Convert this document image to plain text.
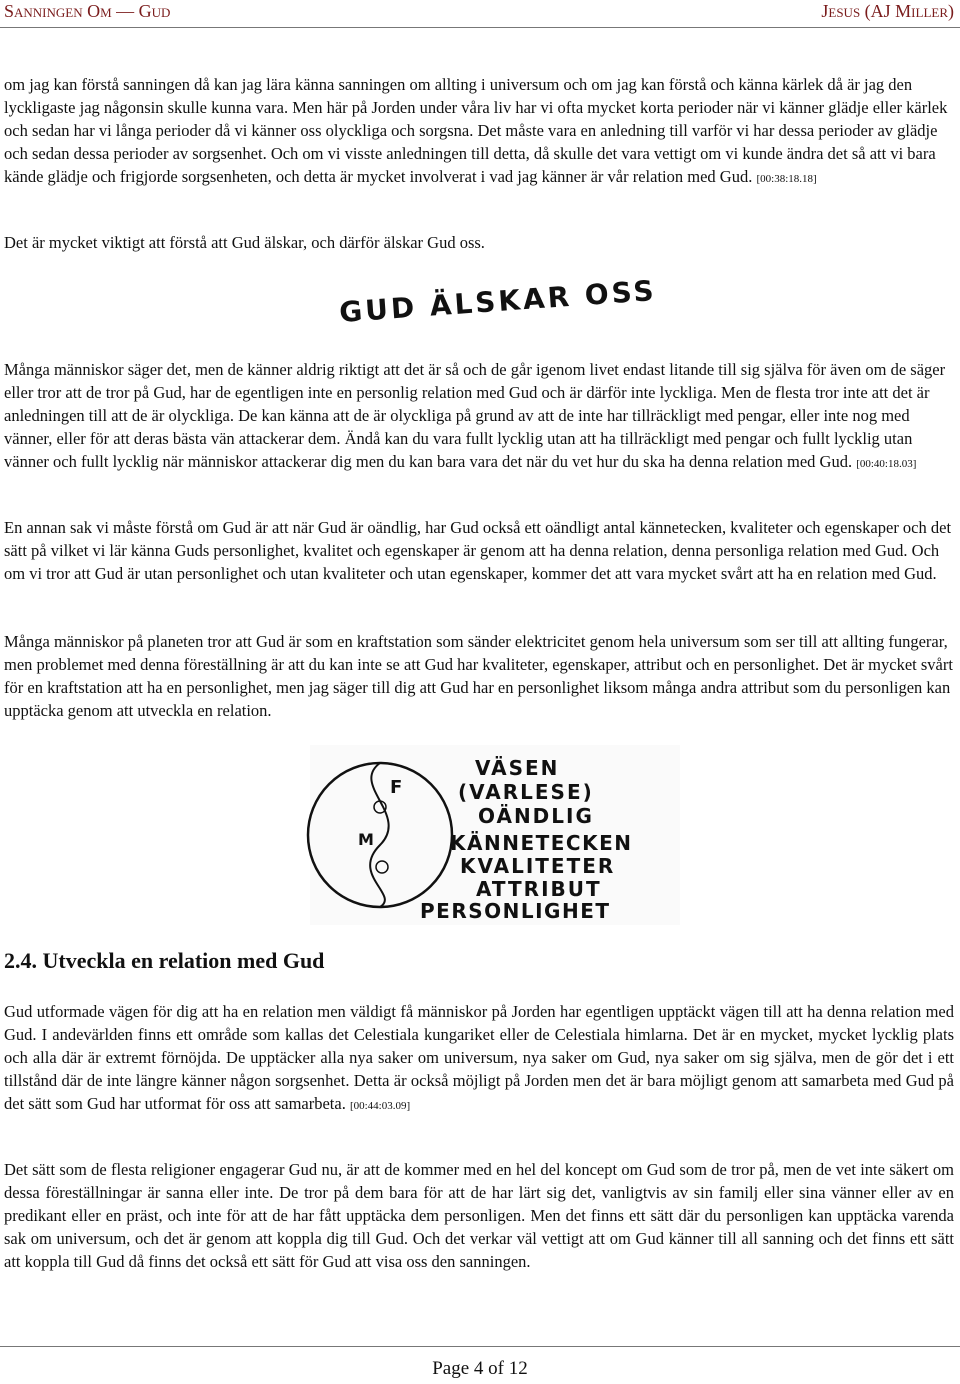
Sanningen Om — Gud	Jesus (AJ Miller)

om jag kan förstå sanningen då kan jag lära känna sanningen om allting i universum och om jag kan förstå och känna kärlek då är jag den lyckligaste jag någonsin skulle kunna vara. Men här på Jorden under våra liv har vi ofta mycket korta perioder när vi känner glädje eller kärlek och sedan har vi långa perioder då vi känner oss olyckliga och sorgsna. Det måste vara en anledning till varför vi har dessa perioder av glädje och sedan dessa perioder av sorgsenhet. Och om vi visste anledningen till detta, då skulle det vara vettigt om vi kunde ändra det så att vi bara kände glädje och frigjorde sorgsenheten, och detta är mycket involverat i vad jag känner är vår relation med Gud. [00:38:18.18]

Det är mycket viktigt att förstå att Gud älskar, och därför älskar Gud oss.

GUD ÄLSKAR OSS

Många människor säger det, men de känner aldrig riktigt att det är så och de går igenom livet endast litande till sig själva för även om de säger eller tror att de tror på Gud, har de egentligen inte en personlig relation med Gud och är därför inte lyckliga. Men de flesta tror inte att det är anledningen till att de är olyckliga. De kan känna att de är olyckliga på grund av att de inte har tillräckligt med pengar, eller inte nog med vänner, eller för att deras bästa vän attackerar dem. Ändå kan du vara fullt lycklig utan att ha tillräckligt med pengar och fullt lycklig utan vänner och fullt lycklig när människor attackerar dig men du kan bara vara det när du vet hur du ska ha denna relation med Gud. [00:40:18.03]

En annan sak vi måste förstå om Gud är att när Gud är oändlig, har Gud också ett oändligt antal kännetecken, kvaliteter och egenskaper och det sätt på vilket vi lär känna Guds personlighet, kvalitet och egenskaper är genom att ha denna relation, denna personliga relation med Gud. Och om vi tror att Gud är utan personlighet och utan kvaliteter och utan egenskaper, kommer det att vara mycket svårt att ha en relation med Gud.

Många människor på planeten tror att Gud är som en kraftstation som sänder elektricitet genom hela universum som ser till att allting fungerar, men problemet med denna föreställning är att du kan inte se att Gud har kvaliteter, egenskaper, attribut och en personlighet. Det är mycket svårt för en kraftstation att ha en personlighet, men jag säger till dig att Gud har en personlighet liksom många andra attribut som du personligen kan upptäcka genom att utveckla en relation.

F
M
VÄSEN
(VARLESE)
OÄNDLIG
KÄNNETECKEN
KVALITETER
ATTRIBUT
PERSONLIGHET
2.4. Utveckla en relation med Gud

Gud utformade vägen för dig att ha en relation men väldigt få människor på Jorden har egentligen upptäckt vägen till att ha denna relation med Gud. I andevärlden finns ett område som kallas det Celestiala kungariket eller de Celestiala himlarna. Det är en mycket, mycket lycklig plats och alla där är extremt förnöjda. De upptäcker alla nya saker om universum, nya saker om Gud, nya saker om sig själva, men de gör det i ett tillstånd där de inte längre känner någon sorgsenhet. Detta är också möjligt på Jorden men det är bara möjligt genom att samarbeta med Gud på det sätt som Gud har utformat för oss att samarbeta. [00:44:03.09]

Det sätt som de flesta religioner engagerar Gud nu, är att de kommer med en hel del koncept om Gud som de tror på, men de vet inte säkert om dessa föreställningar är sanna eller inte. De tror på dem bara för att de har lärt sig det, vanligtvis av sin familj eller sina vänner eller av en predikant eller en präst, och inte för att de har fått upptäcka dem personligen. Men det finns ett sätt där du personligen kan upptäcka varenda sak om universum, och det är genom att koppla dig till Gud. Och det verkar väl vettigt att om Gud känner till all sanning och det finns ett sätt att koppla till Gud då finns det också ett sätt för Gud att visa oss den sanningen.

Page 4 of 12
